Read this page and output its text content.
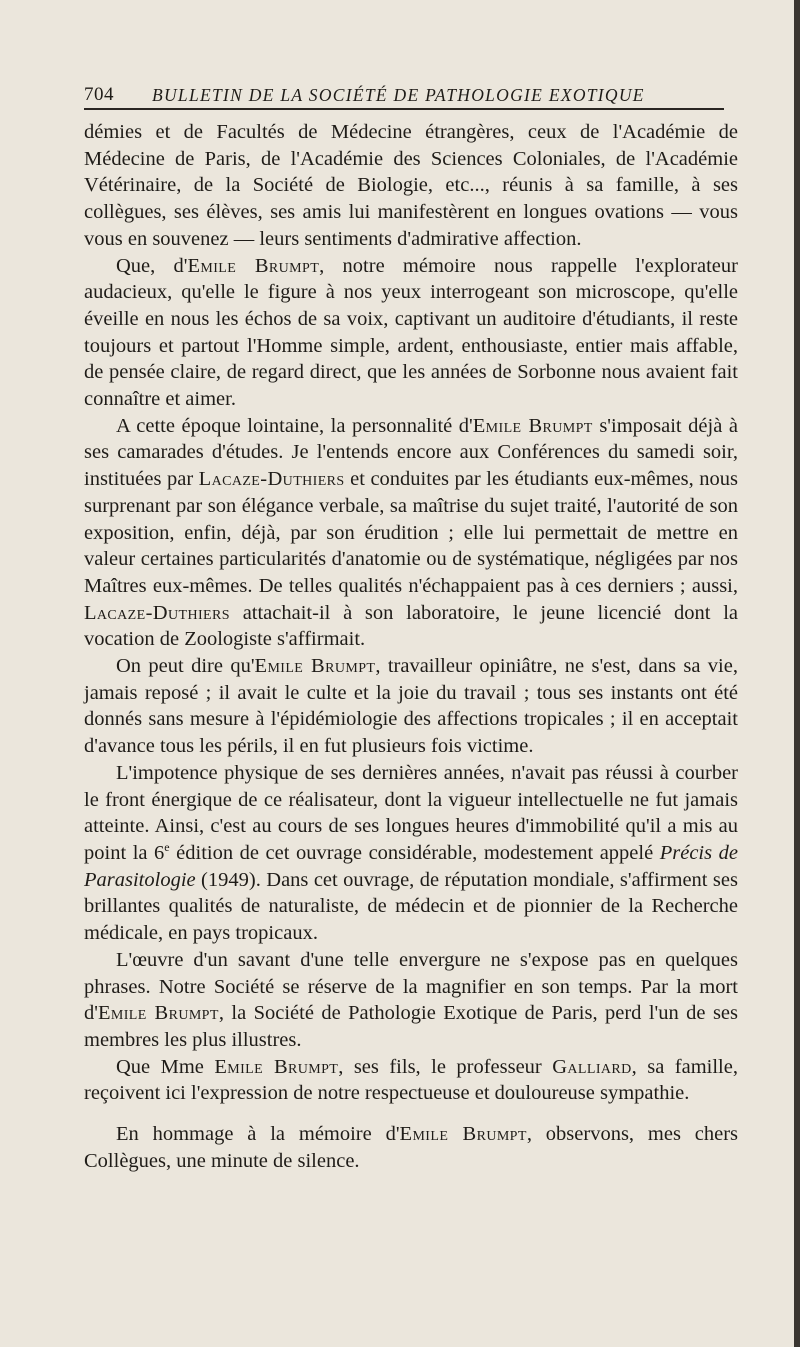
704 BULLETIN DE LA SOCIÉTÉ DE PATHOLOGIE EXOTIQUE

démies et de Facultés de Médecine étrangères, ceux de l'Académie de Médecine de Paris, de l'Académie des Sciences Coloniales, de l'Académie Vétérinaire, de la Société de Biologie, etc..., réunis à sa famille, à ses collègues, ses élèves, ses amis lui manifestèrent en longues ovations — vous vous en souvenez — leurs sentiments d'admirative affection.

Que, d'Emile Brumpt, notre mémoire nous rappelle l'explorateur audacieux, qu'elle le figure à nos yeux interrogeant son microscope, qu'elle éveille en nous les échos de sa voix, captivant un auditoire d'étudiants, il reste toujours et partout l'Homme simple, ardent, enthousiaste, entier mais affable, de pensée claire, de regard direct, que les années de Sorbonne nous avaient fait connaître et aimer.

A cette époque lointaine, la personnalité d'Emile Brumpt s'imposait déjà à ses camarades d'études. Je l'entends encore aux Conférences du samedi soir, instituées par Lacaze-Duthiers et conduites par les étudiants eux-mêmes, nous surprenant par son élégance verbale, sa maîtrise du sujet traité, l'autorité de son exposition, enfin, déjà, par son érudition ; elle lui permettait de mettre en valeur certaines particularités d'anatomie ou de systématique, négligées par nos Maîtres eux-mêmes. De telles qualités n'échappaient pas à ces derniers ; aussi, Lacaze-Duthiers attachait-il à son laboratoire, le jeune licencié dont la vocation de Zoologiste s'affirmait.

On peut dire qu'Emile Brumpt, travailleur opiniâtre, ne s'est, dans sa vie, jamais reposé ; il avait le culte et la joie du travail ; tous ses instants ont été donnés sans mesure à l'épidémiologie des affections tropicales ; il en acceptait d'avance tous les périls, il en fut plusieurs fois victime.

L'impotence physique de ses dernières années, n'avait pas réussi à courber le front énergique de ce réalisateur, dont la vigueur intellectuelle ne fut jamais atteinte. Ainsi, c'est au cours de ses longues heures d'immobilité qu'il a mis au point la 6e édition de cet ouvrage considérable, modestement appelé Précis de Parasitologie (1949). Dans cet ouvrage, de réputation mondiale, s'affirment ses brillantes qualités de naturaliste, de médecin et de pionnier de la Recherche médicale, en pays tropicaux.

L'œuvre d'un savant d'une telle envergure ne s'expose pas en quelques phrases. Notre Société se réserve de la magnifier en son temps. Par la mort d'Emile Brumpt, la Société de Pathologie Exotique de Paris, perd l'un de ses membres les plus illustres.

Que Mme Emile Brumpt, ses fils, le professeur Galliard, sa famille, reçoivent ici l'expression de notre respectueuse et douloureuse sympathie.

En hommage à la mémoire d'Emile Brumpt, observons, mes chers Collègues, une minute de silence.
